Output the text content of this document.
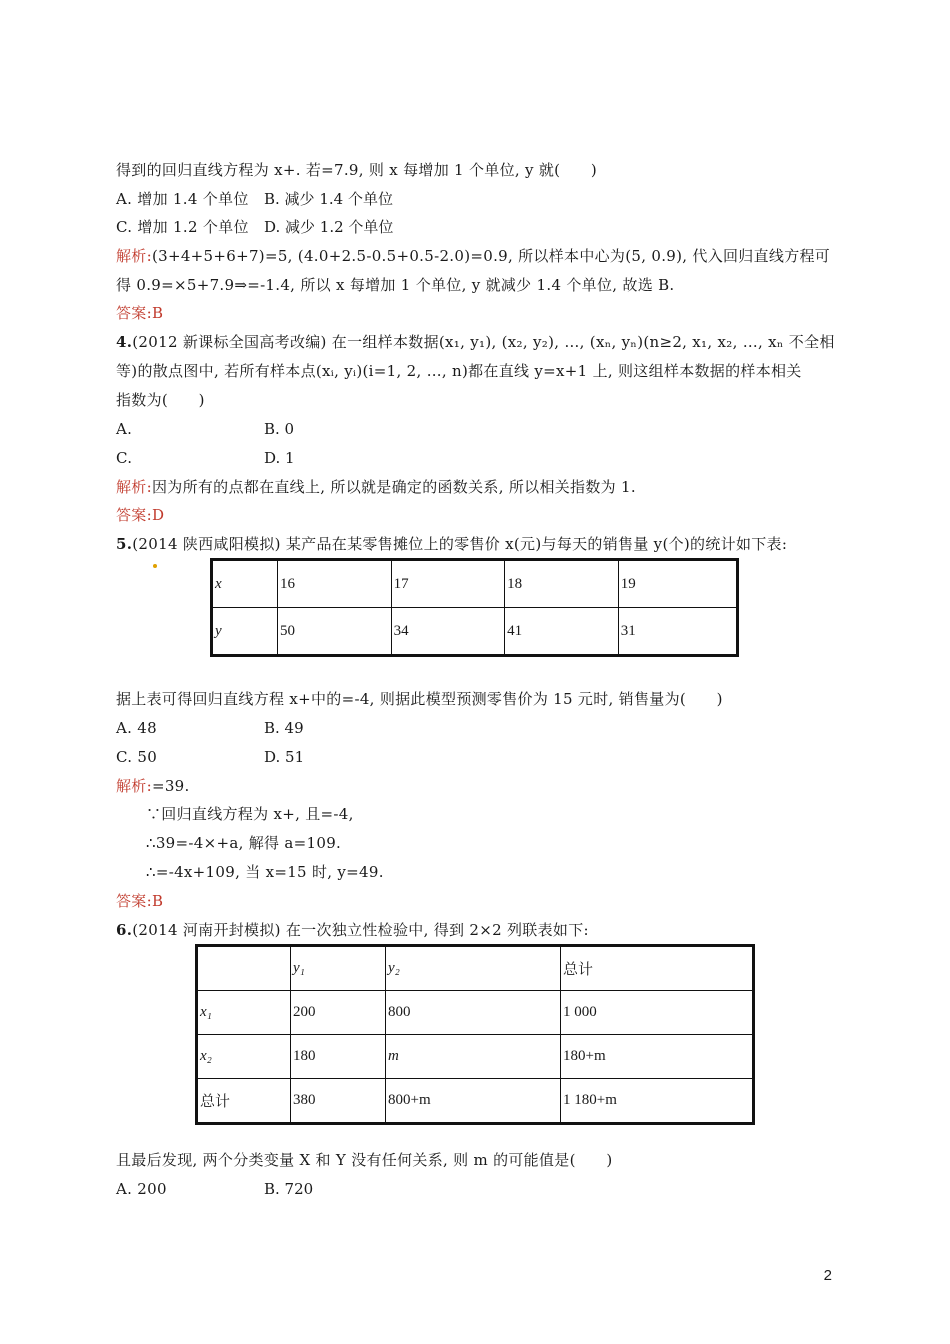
得到的回归直线方程为 x+. 若=7.9, 则 x 每增加 1 个单位, y 就(　　)
A. 增加 1.4 个单位 B. 减少 1.4 个单位
C. 增加 1.2 个单位 D. 减少 1.2 个单位
解析:(3+4+5+6+7)=5, (4.0+2.5-0.5+0.5-2.0)=0.9, 所以样本中心为(5, 0.9), 代入回归直线方程可
得 0.9=×5+7.9⇒=-1.4, 所以 x 每增加 1 个单位, y 就减少 1.4 个单位, 故选 B.
答案:B
4.(2012 新课标全国高考改编) 在一组样本数据(x₁, y₁), (x₂, y₂), …, (xₙ, yₙ)(n≥2, x₁, x₂, …, xₙ 不全相
等)的散点图中, 若所有样本点(xᵢ, yᵢ)(i=1, 2, …, n)都在直线 y=x+1 上, 则这组样本数据的样本相关
指数为(　　)
A.	B. 0
C.	D. 1
解析:因为所有的点都在直线上, 所以就是确定的函数关系, 所以相关指数为 1.
答案:D
5.(2014 陕西咸阳模拟) 某产品在某零售摊位上的零售价 x(元)与每天的销售量 y(个)的统计如下表:
x	16	17	18	19
y	50	34	41	31
据上表可得回归直线方程 x+中的=-4, 则据此模型预测零售价为 15 元时, 销售量为(　　)
A. 48	B. 49
C. 50	D. 51
解析:=39.
∵回归直线方程为 x+, 且=-4,
∴39=-4×+a, 解得 a=109.
∴=-4x+109, 当 x=15 时, y=49.
答案:B
6.(2014 河南开封模拟) 在一次独立性检验中, 得到 2×2 列联表如下:
	y₁	y₂	总计
x₁	200	800	1 000
x₂	180	m	180+m
总计	380	800+m	1 180+m
且最后发现, 两个分类变量 X 和 Y 没有任何关系, 则 m 的可能值是(　　)
A. 200	B. 720
2
